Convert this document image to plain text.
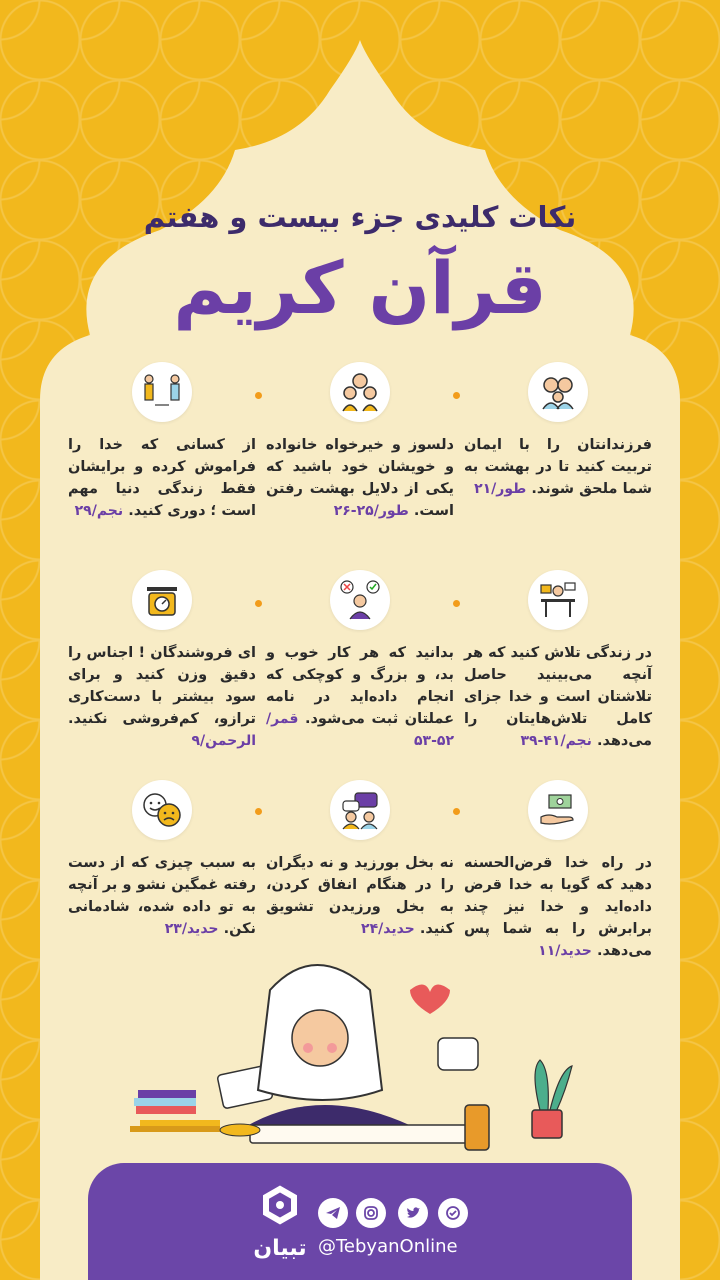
نکات کلیدی جزء بیست و هفتم
قرآن کریم
فرزندانتان را با ایمان تربیت کنید تا در بهشت به شما ملحق شوند. طور/۲۱
دلسوز و خیرخواه خانواده و خویشان خود باشید که یکی از دلایل بهشت رفتن است. طور/۲۵-۲۶
از کسانی که خدا را فراموش کرده و برایشان فقط زندگی دنیا مهم است ؛ دوری کنید. نجم/۲۹
در زندگی تلاش کنید که هر آنچه می‌بینید حاصل تلاشتان است و خدا جزای کامل تلاش‌هایتان را می‌دهد. نجم/۴۱-۳۹
بدانید که هر کار خوب و بد، و بزرگ و کوچکی که انجام داده‌اید در نامه عملتان ثبت می‌شود. قمر/۵۲-۵۳
ای فروشندگان ! اجناس را دقیق وزن کنید و برای سود بیشتر با دست‌کاری ترازو، کم‌فروشی نکنید. الرحمن/۹
در راه خدا قرض‌الحسنه دهید که گویا به خدا قرض داده‌اید و خدا نیز چند برابرش را به شما پس می‌دهد. حدید/۱۱
نه بخل بورزید و نه دیگران را در هنگام انفاق کردن، به بخل ورزیدن تشویق کنید. حدید/۲۴
به سبب چیزی که از دست رفته غمگین نشو و بر آنچه به تو داده شده، شادمانی نکن. حدید/۲۳
تبیان @TebyanOnline
